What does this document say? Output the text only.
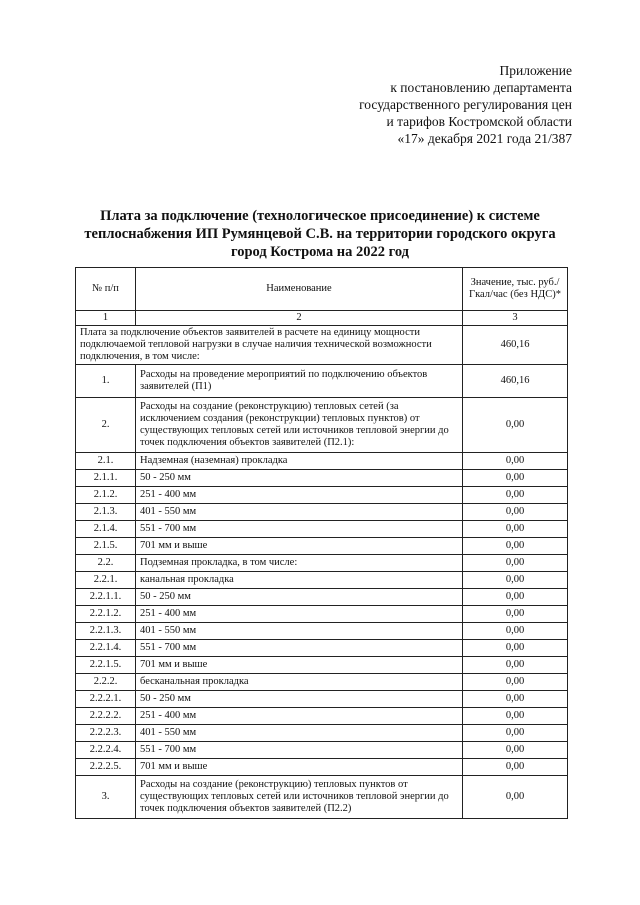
Приложение
к постановлению департамента
государственного регулирования цен
и тарифов Костромской области
«17» декабря 2021 года 21/387
Плата за подключение (технологическое присоединение) к системе
теплоснабжения ИП Румянцевой С.В. на территории городского округа
город Кострома на 2022 год
№ п/п	Наименование	Значение, тыс. руб./Гкал/час (без НДС)*
1	2	3
Плата за подключение объектов заявителей в расчете на единицу мощности подключаемой тепловой нагрузки в случае наличия технической возможности подключения, в том числе:		460,16
1.	Расходы на проведение мероприятий по подключению объектов заявителей (П1)	460,16
2.	Расходы на создание (реконструкцию) тепловых сетей (за исключением создания (реконструкции) тепловых пунктов) от существующих тепловых сетей или источников тепловой энергии до точек подключения объектов заявителей (П2.1):	0,00
2.1.	Надземная (наземная) прокладка	0,00
2.1.1.	50 - 250 мм	0,00
2.1.2.	251 - 400 мм	0,00
2.1.3.	401 - 550 мм	0,00
2.1.4.	551 - 700 мм	0,00
2.1.5.	701 мм и выше	0,00
2.2.	Подземная прокладка, в том числе:	0,00
2.2.1.	канальная прокладка	0,00
2.2.1.1.	50 - 250 мм	0,00
2.2.1.2.	251 - 400 мм	0,00
2.2.1.3.	401 - 550 мм	0,00
2.2.1.4.	551 - 700 мм	0,00
2.2.1.5.	701 мм и выше	0,00
2.2.2.	бесканальная прокладка	0,00
2.2.2.1.	50 - 250 мм	0,00
2.2.2.2.	251 - 400 мм	0,00
2.2.2.3.	401 - 550 мм	0,00
2.2.2.4.	551 - 700 мм	0,00
2.2.2.5.	701 мм и выше	0,00
3.	Расходы на создание (реконструкцию) тепловых пунктов от существующих тепловых сетей или источников тепловой энергии до точек подключения объектов заявителей (П2.2)	0,00
